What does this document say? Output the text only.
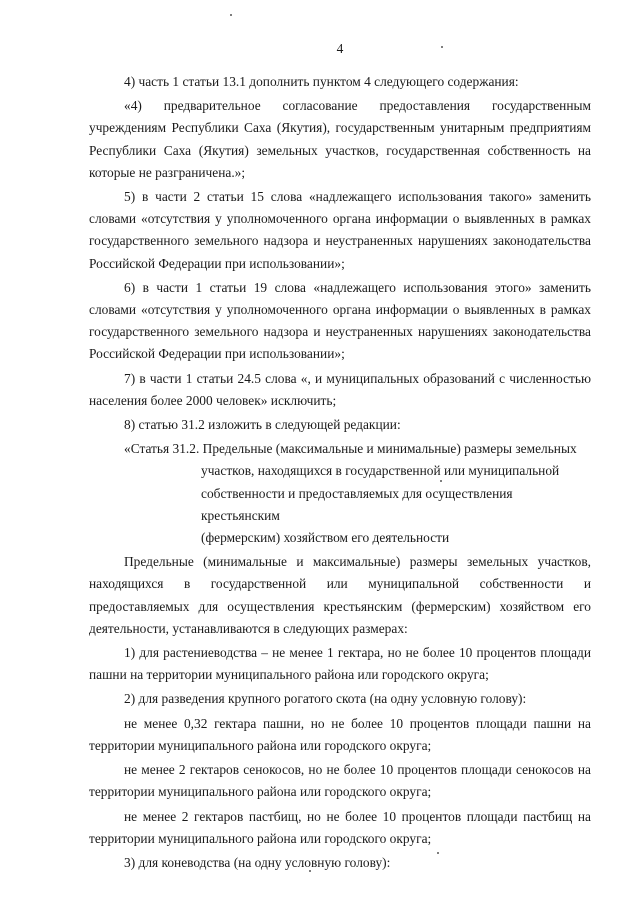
4

4) часть 1 статьи 13.1 дополнить пунктом 4 следующего содержания:

«4) предварительное согласование предоставления государственным учреждениям Республики Саха (Якутия), государственным унитарным предприятиям Республики Саха (Якутия) земельных участков, государственная собственность на которые не разграничена.»;

5) в части 2 статьи 15 слова «надлежащего использования такого» заменить словами «отсутствия у уполномоченного органа информации о выявленных в рамках государственного земельного надзора и неустраненных нарушениях законодательства Российской Федерации при использовании»;

6) в части 1 статьи 19 слова «надлежащего использования этого» заменить словами «отсутствия у уполномоченного органа информации о выявленных в рамках государственного земельного надзора и неустраненных нарушениях законодательства Российской Федерации при использовании»;

7) в части 1 статьи 24.5 слова «, и муниципальных образований с численностью населения более 2000 человек» исключить;

8) статью 31.2 изложить в следующей редакции:

«Статья 31.2. Предельные (максимальные и минимальные) размеры земельных

участков, находящихся в государственной или муниципальной

собственности и предоставляемых для осуществления крестьянским

(фермерским) хозяйством его деятельности

Предельные (минимальные и максимальные) размеры земельных участков, находящихся в государственной или муниципальной собственности и предоставляемых для осуществления крестьянским (фермерским) хозяйством его деятельности, устанавливаются в следующих размерах:

1) для растениеводства – не менее 1 гектара, но не более 10 процентов площади пашни на территории муниципального района или городского округа;

2) для разведения крупного рогатого скота (на одну условную голову):

не менее 0,32 гектара пашни, но не более 10 процентов площади пашни на территории муниципального района или городского округа;

не менее 2 гектаров сенокосов, но не более 10 процентов площади сенокосов на территории муниципального района или городского округа;

не менее 2 гектаров пастбищ, но не более 10 процентов площади пастбищ на территории муниципального района или городского округа;

3) для коневодства (на одну условную голову):
